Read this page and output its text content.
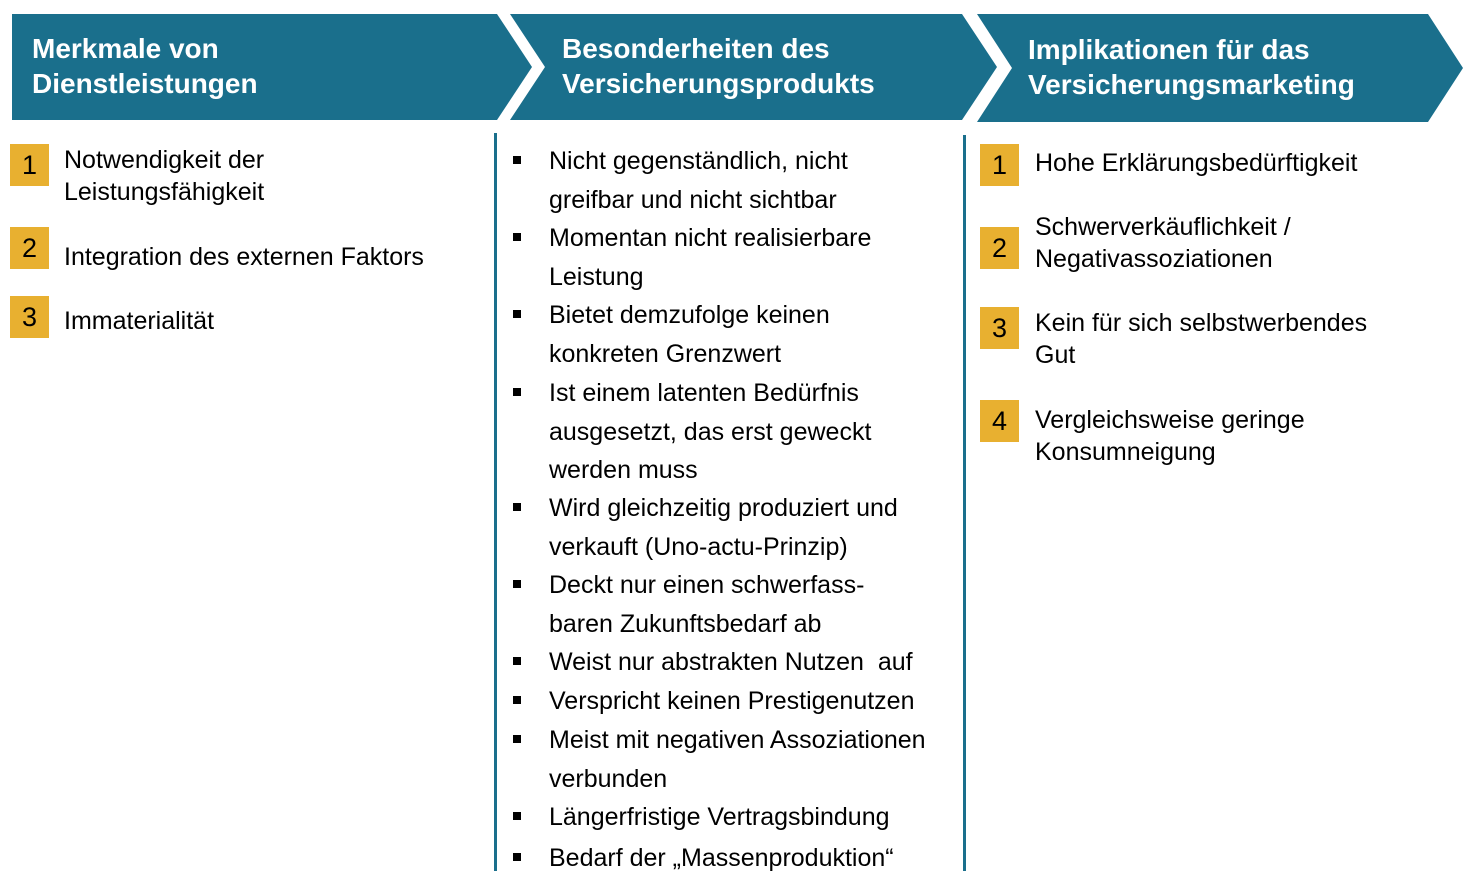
Merkmale von
Dienstleistungen
Besonderheiten des
Versicherungsprodukts
Implikationen für das
Versicherungsmarketing
1	Notwendigkeit der
Leistungsfähigkeit
2	Integration des externen Faktors
3	Immaterialität
Nicht gegenständlich, nicht
greifbar und nicht sichtbar
Momentan nicht realisierbare
Leistung
Bietet demzufolge keinen
konkreten Grenzwert
Ist einem latenten Bedürfnis
ausgesetzt, das erst geweckt
werden muss
Wird gleichzeitig produziert und
verkauft (Uno-actu-Prinzip)
Deckt nur einen schwerfass-
baren Zukunftsbedarf ab
Weist nur abstrakten Nutzen  auf
Verspricht keinen Prestigenutzen
Meist mit negativen Assoziationen
verbunden
Längerfristige Vertragsbindung
Bedarf der „Massenproduktion“
1	Hohe Erklärungsbedürftigkeit
2
Schwerverkäuflichkeit /
Negativassoziationen
3	Kein für sich selbstwerbendes
Gut
4	Vergleichsweise geringe
Konsumneigung
